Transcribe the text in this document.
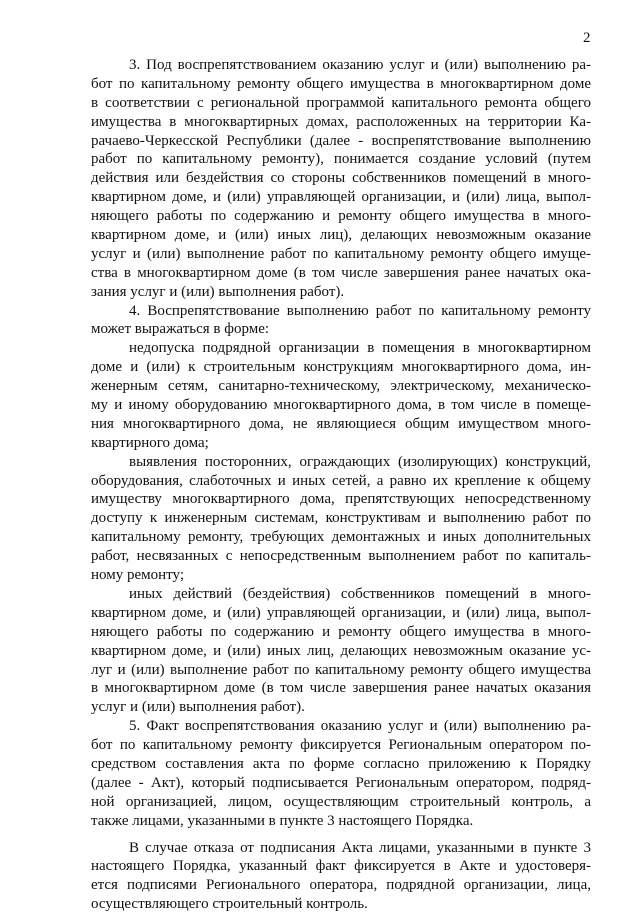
2
3. Под воспрепятствованием оказанию услуг и (или) выполнению ра-
бот по капитальному ремонту общего имущества в многоквартирном доме
в соответствии с региональной программой капитального ремонта общего
имущества в многоквартирных домах, расположенных на территории Ка-
рачаево-Черкесской Республики (далее - воспрепятствование выполнению
работ по капитальному ремонту), понимается создание условий (путем
действия или бездействия со стороны собственников помещений в много-
квартирном доме, и (или) управляющей организации, и (или) лица, выпол-
няющего работы по содержанию и ремонту общего имущества в много-
квартирном доме, и (или) иных лиц), делающих невозможным оказание
услуг и (или) выполнение работ по капитальному ремонту общего имуще-
ства в многоквартирном доме (в том числе завершения ранее начатых ока-
зания услуг и (или) выполнения работ).
4. Воспрепятствование выполнению работ по капитальному ремонту
может выражаться в форме:
недопуска подрядной организации в помещения в многоквартирном
доме и (или) к строительным конструкциям многоквартирного дома, ин-
женерным сетям, санитарно-техническому, электрическому, механическо-
му и иному оборудованию многоквартирного дома, в том числе в помеще-
ния многоквартирного дома, не являющиеся общим имуществом много-
квартирного дома;
выявления посторонних, ограждающих (изолирующих) конструкций,
оборудования, слаботочных и иных сетей, а равно их крепление к общему
имуществу многоквартирного дома, препятствующих непосредственному
доступу к инженерным системам, конструктивам и выполнению работ по
капитальному ремонту, требующих демонтажных и иных дополнительных
работ, несвязанных с непосредственным выполнением работ по капиталь-
ному ремонту;
иных действий (бездействия) собственников помещений в много-
квартирном доме, и (или) управляющей организации, и (или) лица, выпол-
няющего работы по содержанию и ремонту общего имущества в много-
квартирном доме, и (или) иных лиц, делающих невозможным оказание ус-
луг и (или) выполнение работ по капитальному ремонту общего имущества
в многоквартирном доме (в том числе завершения ранее начатых оказания
услуг и (или) выполнения работ).
5. Факт воспрепятствования оказанию услуг и (или) выполнению ра-
бот по капитальному ремонту фиксируется Региональным оператором по-
средством составления акта по форме согласно приложению к Порядку
(далее - Акт), который подписывается Региональным оператором, подряд-
ной организацией, лицом, осуществляющим строительный контроль, а
также лицами, указанными в пункте 3 настоящего Порядка.
В случае отказа от подписания Акта лицами, указанными в пункте 3
настоящего Порядка, указанный факт фиксируется в Акте и удостоверя-
ется подписями Регионального оператора, подрядной организации, лица,
осуществляющего строительный контроль.
